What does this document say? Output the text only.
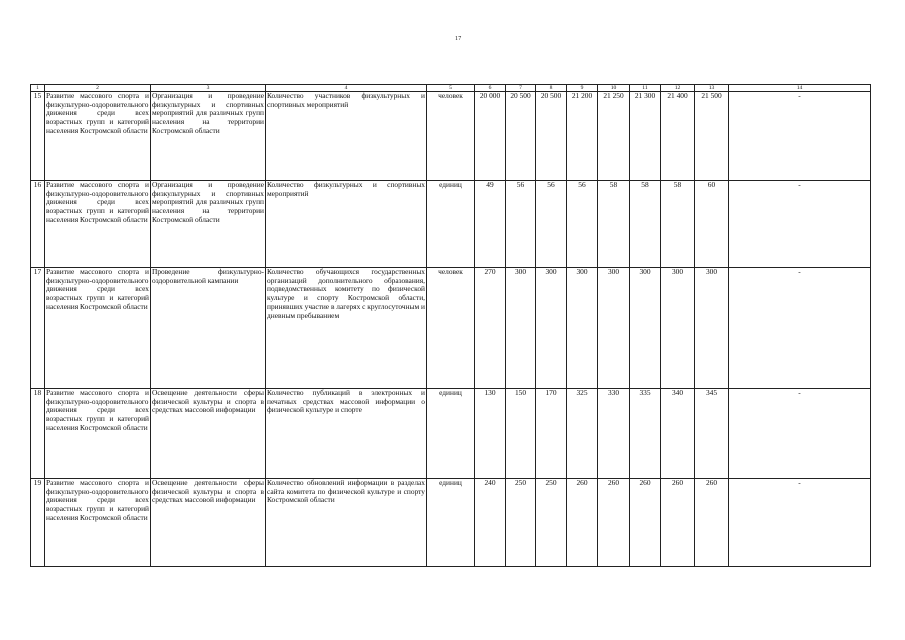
17
1	2	3	4	5	6	7	8	9	10	11	12	13	14
15	Развитие массового спорта и физкультурно-оздоровительного движения среди всех возрастных групп и категорий населения Костромской области	Организация и проведение физкультурных и спортивных мероприятий для различных групп населения на территории Костромской области	Количество участников физкультурных и спортивных мероприятий	человек	20 000	20 500	20 500	21 200	21 250	21 300	21 400	21 500	-
16	Развитие массового спорта и физкультурно-оздоровительного движения среди всех возрастных групп и категорий населения Костромской области	Организация и проведение физкультурных и спортивных мероприятий для различных групп населения на территории Костромской области	Количество физкультурных и спортивных мероприятий	единиц	49	56	56	56	58	58	58	60	-
17	Развитие массового спорта и физкультурно-оздоровительного движения среди всех возрастных групп и категорий населения Костромской области	Проведение физкультурно-оздоровительной кампании	Количество обучающихся государственных организаций дополнительного образования, подведомственных комитету по физической культуре и спорту Костромской области, принявших участие в лагерях с круглосуточным и дневным пребыванием	человек	270	300	300	300	300	300	300	300	-
18	Развитие массового спорта и физкультурно-оздоровительного движения среди всех возрастных групп и категорий населения Костромской области	Освещение деятельности сферы физической культуры и спорта в средствах массовой информации	Количество публикаций в электронных и печатных средствах массовой информации о физической культуре и спорте	единиц	130	150	170	325	330	335	340	345	-
19	Развитие массового спорта и физкультурно-оздоровительного движения среди всех возрастных групп и категорий населения Костромской области	Освещение деятельности сферы физической культуры и спорта в средствах массовой информации	Количество обновлений информации в разделах сайта комитета по физической культуре и спорту Костромской области	единиц	240	250	250	260	260	260	260	260	-
